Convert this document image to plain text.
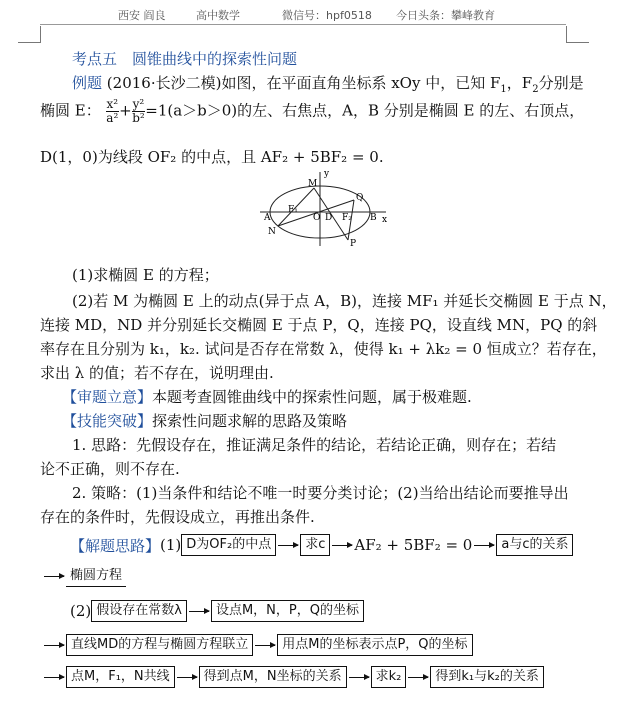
西安 阎良	高中数学	微信号：hpf0518 今日头条：攀峰教育
考点五　圆锥曲线中的探索性问题
例题 (2016·长沙二模)如图，在平面直角坐标系 xOy 中，已知 $F_1$，$F_2$分别是
椭圆 E： $\frac{\text{x²}}{\text{a²}}+ \frac{\text{y²}}{\text{b²}}=1(a>b>0)$的左、右焦点，A，B 分别是椭圆 E 的左、右顶点，
D(1，0)为线段 OF₂ 的中点，且 AF₂ + 5BF₂ = 0.
M
y
F₁
O D F₂
Q
A
N
B x
P
(1)求椭圆 E 的方程；
(2)若 M 为椭圆 E 上的动点(异于点 A，B)，连接 MF₁ 并延长交椭圆 E 于点 N，
连接 MD，ND 并分别延长交椭圆 E 于点 P，Q，连接 PQ，设直线 MN，PQ 的斜
率存在且分别为 k₁，k₂. 试问是否存在常数 λ，使得 k₁ + λk₂ = 0 恒成立？若存在，
求出 λ 的值；若不存在，说明理由.
【审题立意】本题考查圆锥曲线中的探索性问题，属于极难题.
【技能突破】探索性问题求解的思路及策略
1. 思路：先假设存在，推证满足条件的结论，若结论正确，则存在；若结
论不正确，则不存在.
2. 策略：(1)当条件和结论不唯一时要分类讨论；(2)当给出结论而要推导出
存在的条件时，先假设成立，再推出条件.
【解题思路】 (1) D为OF₂的中点	求c	AF₂ + 5BF₂ = 0	a与c的关系
椭圆方程
(2) 假设存在常数λ	设点M，N，P，Q的坐标
直线MD的方程与椭圆方程联立	用点M的坐标表示点P，Q的坐标
点M，F₁，N共线	得到点M，N坐标的关系	求k₂	得到k₁与k₂的关系
